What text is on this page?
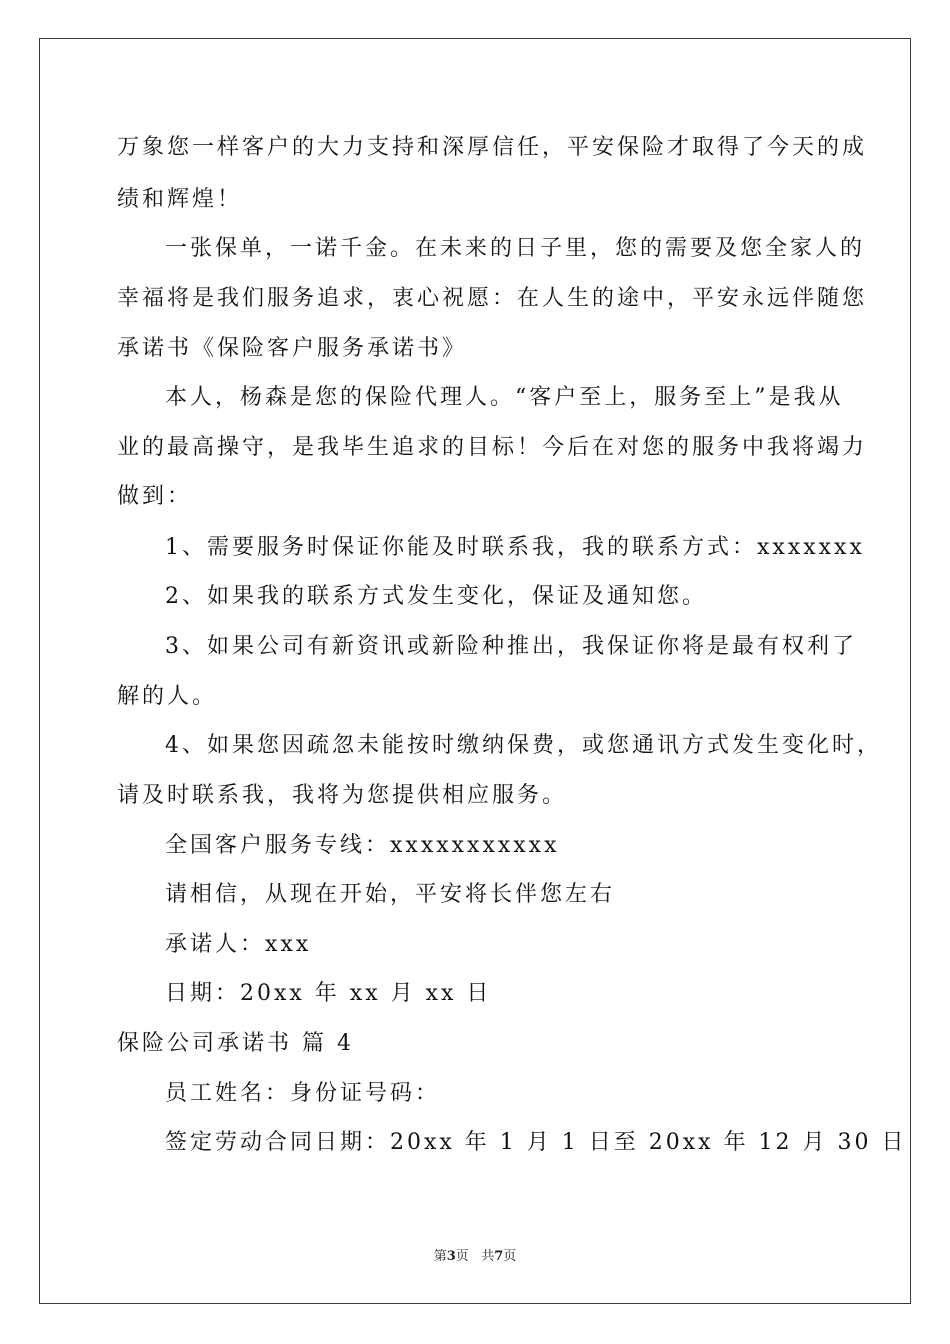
万象您一样客户的大力支持和深厚信任，平安保险才取得了今天的成
绩和辉煌！
一张保单，一诺千金。在未来的日子里，您的需要及您全家人的
幸福将是我们服务追求，衷心祝愿：在人生的途中，平安永远伴随您
承诺书《保险客户服务承诺书》
本人，杨森是您的保险代理人。“客户至上，服务至上”是我从
业的最高操守，是我毕生追求的目标！今后在对您的服务中我将竭力
做到：
1、需要服务时保证你能及时联系我，我的联系方式：xxxxxxx
2、如果我的联系方式发生变化，保证及通知您。
3、如果公司有新资讯或新险种推出，我保证你将是最有权利了
解的人。
4、如果您因疏忽未能按时缴纳保费，或您通讯方式发生变化时，
请及时联系我，我将为您提供相应服务。
全国客户服务专线：xxxxxxxxxxx
请相信，从现在开始，平安将长伴您左右
承诺人：xxx
日期：20xx 年 xx 月 xx 日
保险公司承诺书 篇 4
员工姓名：身份证号码：
签定劳动合同日期：20xx 年 1 月 1 日至 20xx 年 12 月 30 日
第3页   共7页
